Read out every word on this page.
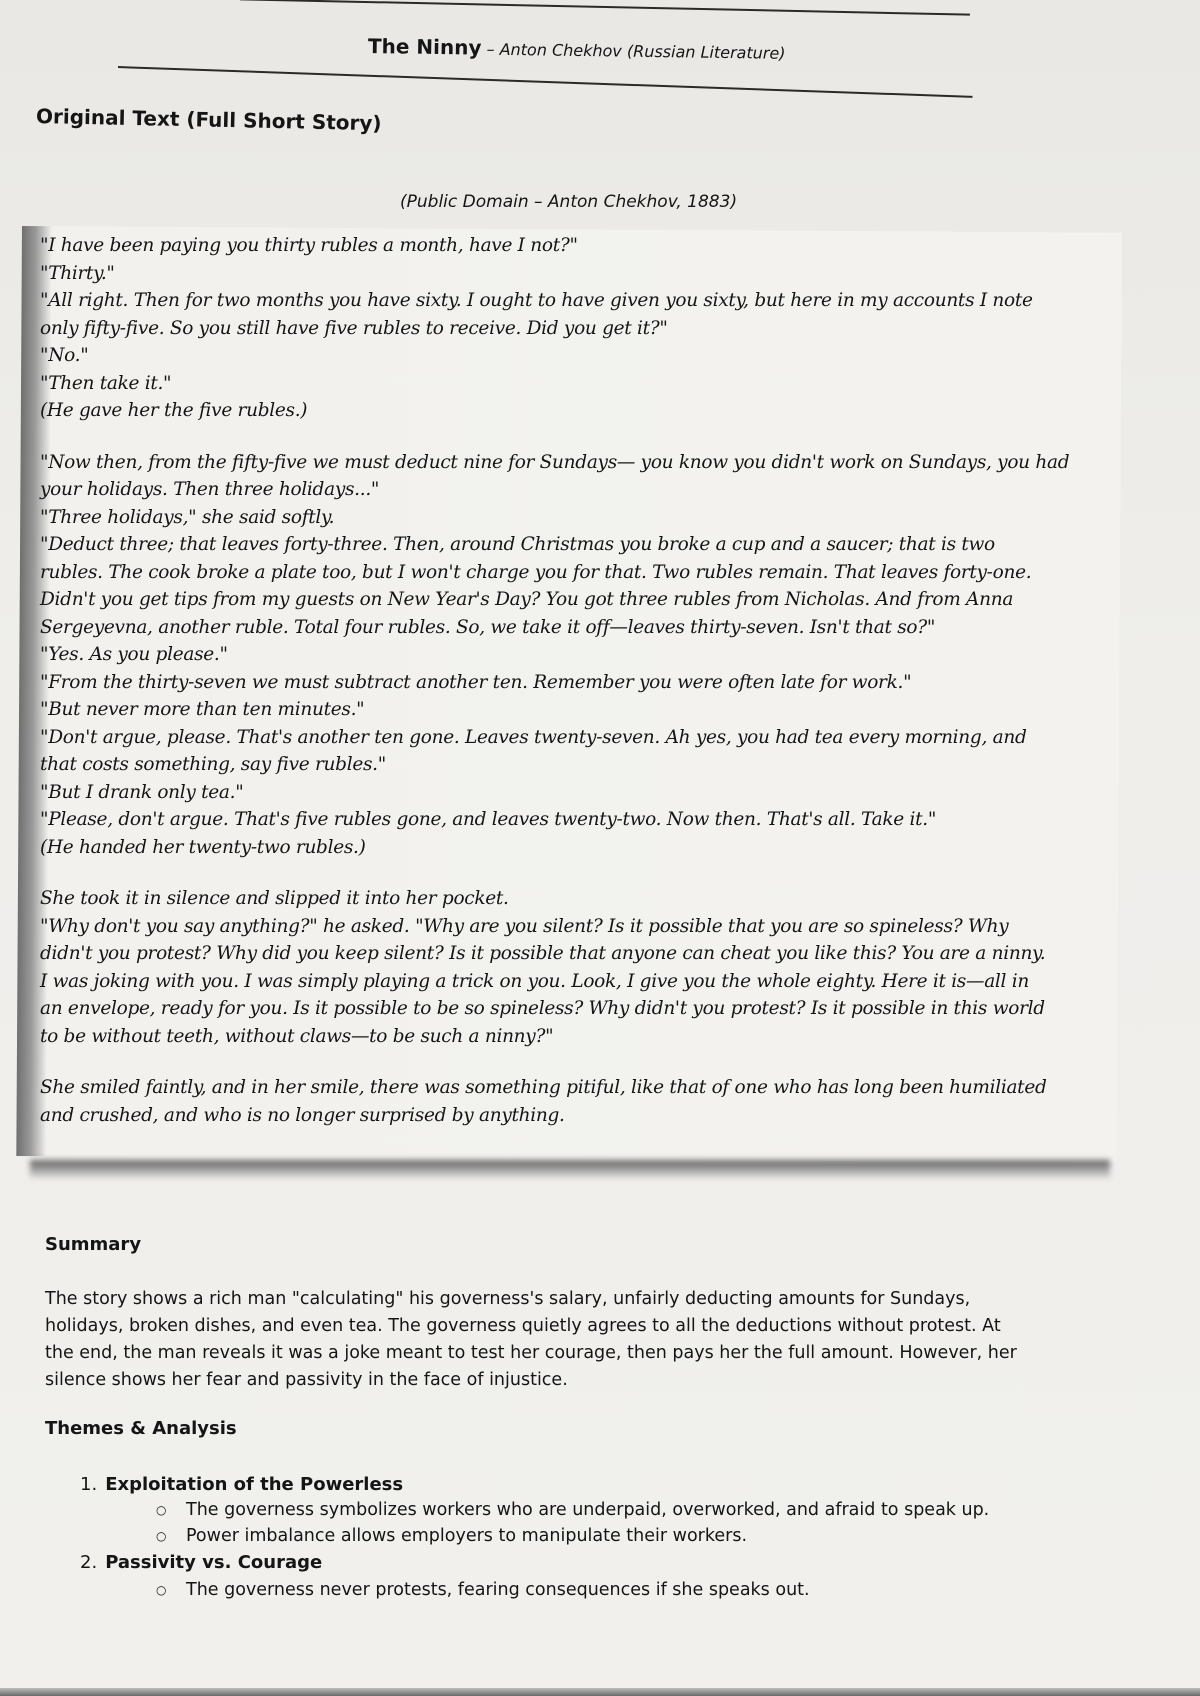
The Ninny – Anton Chekhov (Russian Literature)
Original Text (Full Short Story)
(Public Domain – Anton Chekhov, 1883)
"I have been paying you thirty rubles a month, have I not?"
"Thirty."
"All right. Then for two months you have sixty. I ought to have given you sixty, but here in my accounts I note
only fifty-five. So you still have five rubles to receive. Did you get it?"
"No."
"Then take it."
(He gave her the five rubles.)
"Now then, from the fifty-five we must deduct nine for Sundays— you know you didn't work on Sundays, you had
your holidays. Then three holidays..."
"Three holidays," she said softly.
"Deduct three; that leaves forty-three. Then, around Christmas you broke a cup and a saucer; that is two
rubles. The cook broke a plate too, but I won't charge you for that. Two rubles remain. That leaves forty-one.
Didn't you get tips from my guests on New Year's Day? You got three rubles from Nicholas. And from Anna
Sergeyevna, another ruble. Total four rubles. So, we take it off—leaves thirty-seven. Isn't that so?"
"Yes. As you please."
"From the thirty-seven we must subtract another ten. Remember you were often late for work."
"But never more than ten minutes."
"Don't argue, please. That's another ten gone. Leaves twenty-seven. Ah yes, you had tea every morning, and
that costs something, say five rubles."
"But I drank only tea."
"Please, don't argue. That's five rubles gone, and leaves twenty-two. Now then. That's all. Take it."
(He handed her twenty-two rubles.)
She took it in silence and slipped it into her pocket.
"Why don't you say anything?" he asked. "Why are you silent? Is it possible that you are so spineless? Why
didn't you protest? Why did you keep silent? Is it possible that anyone can cheat you like this? You are a ninny.
I was joking with you. I was simply playing a trick on you. Look, I give you the whole eighty. Here it is—all in
an envelope, ready for you. Is it possible to be so spineless? Why didn't you protest? Is it possible in this world
to be without teeth, without claws—to be such a ninny?"
She smiled faintly, and in her smile, there was something pitiful, like that of one who has long been humiliated
and crushed, and who is no longer surprised by anything.
Summary
The story shows a rich man "calculating" his governess's salary, unfairly deducting amounts for Sundays,
holidays, broken dishes, and even tea. The governess quietly agrees to all the deductions without protest. At
the end, the man reveals it was a joke meant to test her courage, then pays her the full amount. However, her
silence shows her fear and passivity in the face of injustice.
Themes & Analysis
1. Exploitation of the Powerless
○ The governess symbolizes workers who are underpaid, overworked, and afraid to speak up.
○ Power imbalance allows employers to manipulate their workers.
2. Passivity vs. Courage
○ The governess never protests, fearing consequences if she speaks out.
